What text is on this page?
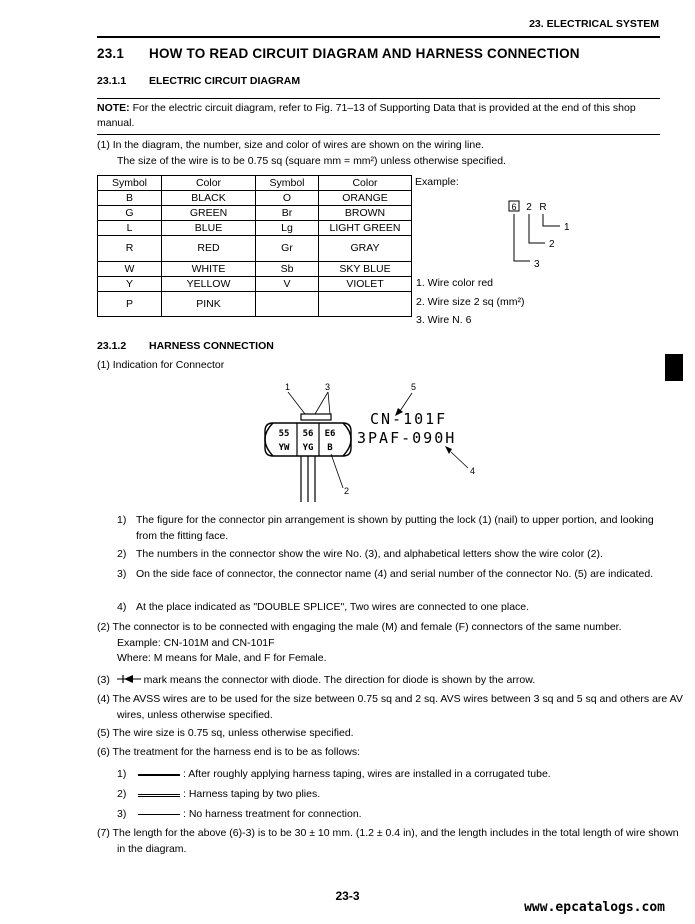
23. ELECTRICAL SYSTEM
23.1 HOW TO READ CIRCUIT DIAGRAM AND HARNESS CONNECTION
23.1.1 ELECTRIC CIRCUIT DIAGRAM
NOTE: For the electric circuit diagram, refer to Fig. 71–13 of Supporting Data that is provided at the end of this shop manual.
(1) In the diagram, the number, size and color of wires are shown on the wiring line.
The size of the wire is to be 0.75 sq (square mm = mm²) unless otherwise specified.
Symbol	Color	Symbol	Color
B	BLACK	O	ORANGE
G	GREEN	Br	BROWN
L	BLUE	Lg	LIGHT GREEN
R	RED	Gr	GRAY
W	WHITE	Sb	SKY BLUE
Y	YELLOW	V	VIOLET
P	PINK		
Example:
6 2 R
1
2
3
1. Wire color red
2. Wire size 2 sq (mm²)
3. Wire N. 6
23.1.2 HARNESS CONNECTION
(1) Indication for Connector
1	3	5
2
4
55 56 E6
YW YG B
CN-101F
3PAF-090H
1) The figure for the connector pin arrangement is shown by putting the lock (1) (nail) to upper portion, and looking from the fitting face.
2) The numbers in the connector show the wire No. (3), and alphabetical letters show the wire color (2).
3) On the side face of connector, the connector name (4) and serial number of the connector No. (5) are indicated.
4) At the place indicated as "DOUBLE SPLICE", Two wires are connected to one place.
(2) The connector is to be connected with engaging the male (M) and female (F) connectors of the same number.
Example: CN-101M and CN-101F
Where: M means for Male, and F for Female.
(3)	mark means the connector with diode. The direction for diode is shown by the arrow.
(4) The AVSS wires are to be used for the size between 0.75 sq and 2 sq. AVS wires between 3 sq and 5 sq and others are AV wires, unless otherwise specified.
(5) The wire size is 0.75 sq, unless otherwise specified.
(6) The treatment for the harness end is to be as follows:
1)	: After roughly applying harness taping, wires are installed in a corrugated tube.
2)	: Harness taping by two plies.
3)	: No harness treatment for connection.
(7) The length for the above (6)-3) is to be 30 ± 10 mm. (1.2 ± 0.4 in), and the length includes in the total length of wire shown in the diagram.
23-3
www.epcatalogs.com
